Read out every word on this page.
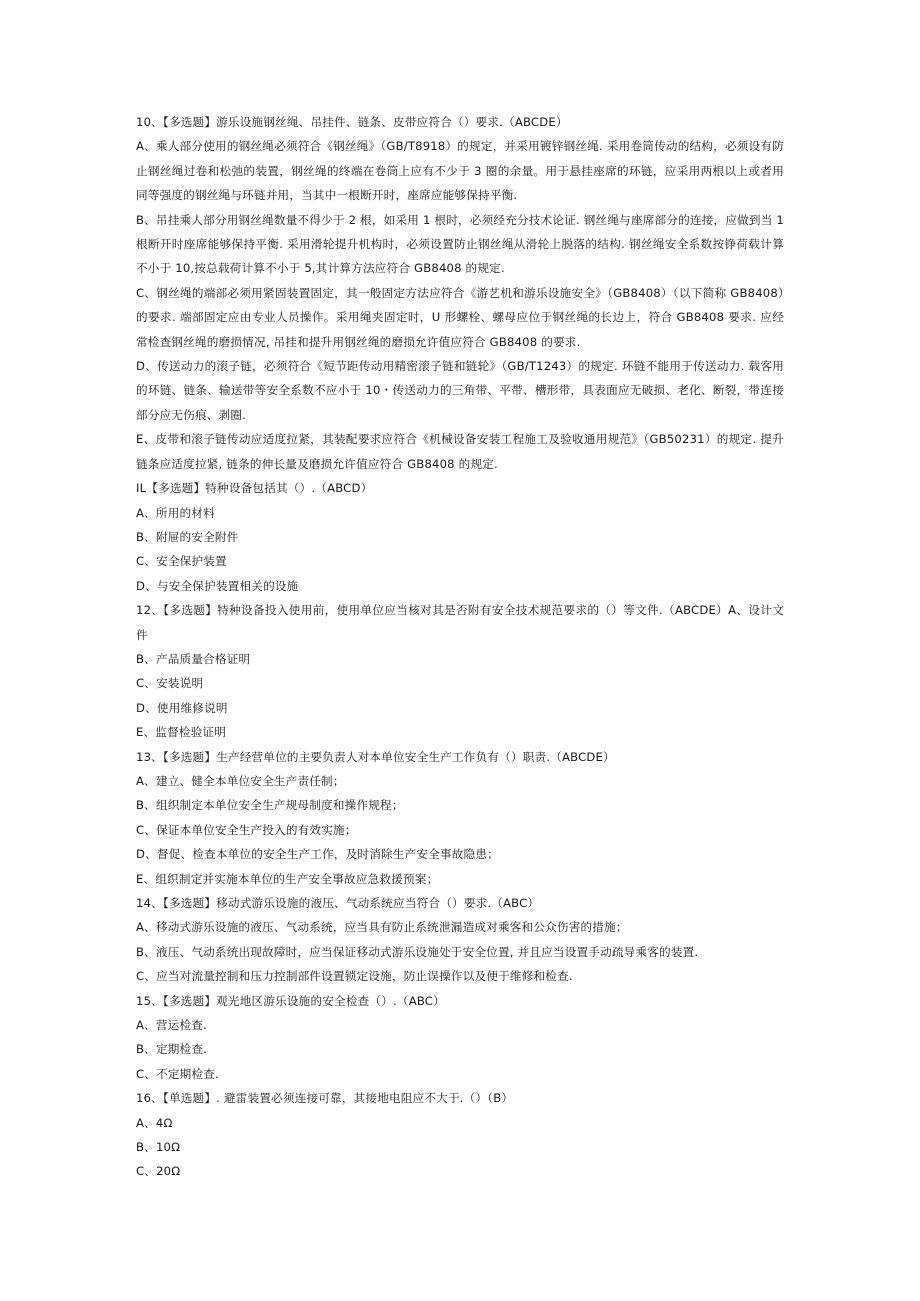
10、【多选题】游乐设施钢丝绳、吊挂件、链条、皮带应符合（）要求.（ABCDE）
A、乘人部分使用的钢丝绳必须符合《钢丝绳》（GB/T8918）的规定，并采用镀锌钢丝绳. 采用卷筒传动的结构，必须设有防止钢丝绳过卷和松弛的装置，钢丝绳的终端在卷筒上应有不少于 3 圈的余量。用于悬挂座席的环链，应采用两根以上或者用同等强度的钢丝绳与环链并用，当其中一根断开时，座席应能够保持平衡.
B、吊挂乘人部分用钢丝绳数量不得少于 2 根，如采用 1 根时，必须经充分技术论证. 钢丝绳与座席部分的连接，应做到当 1 根断开时座席能够保持平衡. 采用滑轮提升机构时，必须设置防止钢丝绳从滑轮上脱落的结构. 钢丝绳安全系数按铮荷载计算不小于 10,按总载荷计算不小于 5,其计算方法应符合 GB8408 的规定.
C、钢丝绳的端部必须用紧固装置固定，其一般固定方法应符合《游艺机和游乐设施安全》（GB8408）（以下简称 GB8408）的要求. 端部固定应由专业人员操作。采用绳夹固定时，U 形螺栓、螺母应位于钢丝绳的长边上，符合 GB8408 要求. 应经常检查钢丝绳的磨损情况, 吊挂和提升用钢丝绳的磨损允许值应符合 GB8408 的要求.
D、传送动力的滚子链，必须符合《短节距传动用精密滚子链和链轮》（GB/T1243）的规定. 环链不能用于传送动力. 载客用的环链、链条、输送带等安全系数不应小于 10・传送动力的三角带、平带、槽形带，具表面应无破损、老化、断裂，带连接部分应无伤痕、剥圈.
E、皮带和滚子链传动应适度拉紧，其装配要求应符合《机械设备安装工程施工及验收通用规范》（GB50231）的规定. 提升链条应适度拉紧, 链条的伸长量及磨损允许值应符合 GB8408 的规定.
IL【多选题】特种设备包括其（）.（ABCD）
A、所用的材料
B、附屉的安全附件
C、安全保护装置
D、与安全保护装置相关的设施
12、【多选题】特种设备投入使用前，使用单位应当核对其是否附有安全技术规范要求的（）等文件.（ABCDE）A、设计文件
B、产品质量合格证明
C、安装说明
D、使用维修说明
E、监督检验证明
13、【多选题】生产经营单位的主要负责人对本单位安全生产工作负有（）职责.（ABCDE）
A、建立、健全本单位安全生产责任制；
B、组织制定本单位安全生产规母制度和操作规程；
C、保证本单位安全生产投入的有效实施；
D、督促、检查本单位的安全生产工作，及时消除生产安全事故隐患；
E、组织制定并实施本单位的生产安全事故应急救援预案；
14、【多选题】移动式游乐设施的液压、气动系统应当符合（）要求.（ABC）
A、移动式游乐设施的液压、气动系统，应当具有防止系统泄漏造成对乘客和公众伤害的措施；
B、液压、气动系统出现故障时，应当保证移动式游乐设施处于安全位置, 并且应当设置手动疏导乘客的装置.
C、应当对流量控制和压力控制部件设置锁定设施，防止误操作以及便于维修和检查.
15、【多选题】观光地区游乐设施的安全检查（）.（ABC）
A、营运检查.
B、定期检查.
C、不定期检查.
16、【单选题】. 避雷装置必须连接可靠，其接地电阻应不大于.（）（B）
A、4Ω
B、10Ω
C、20Ω
